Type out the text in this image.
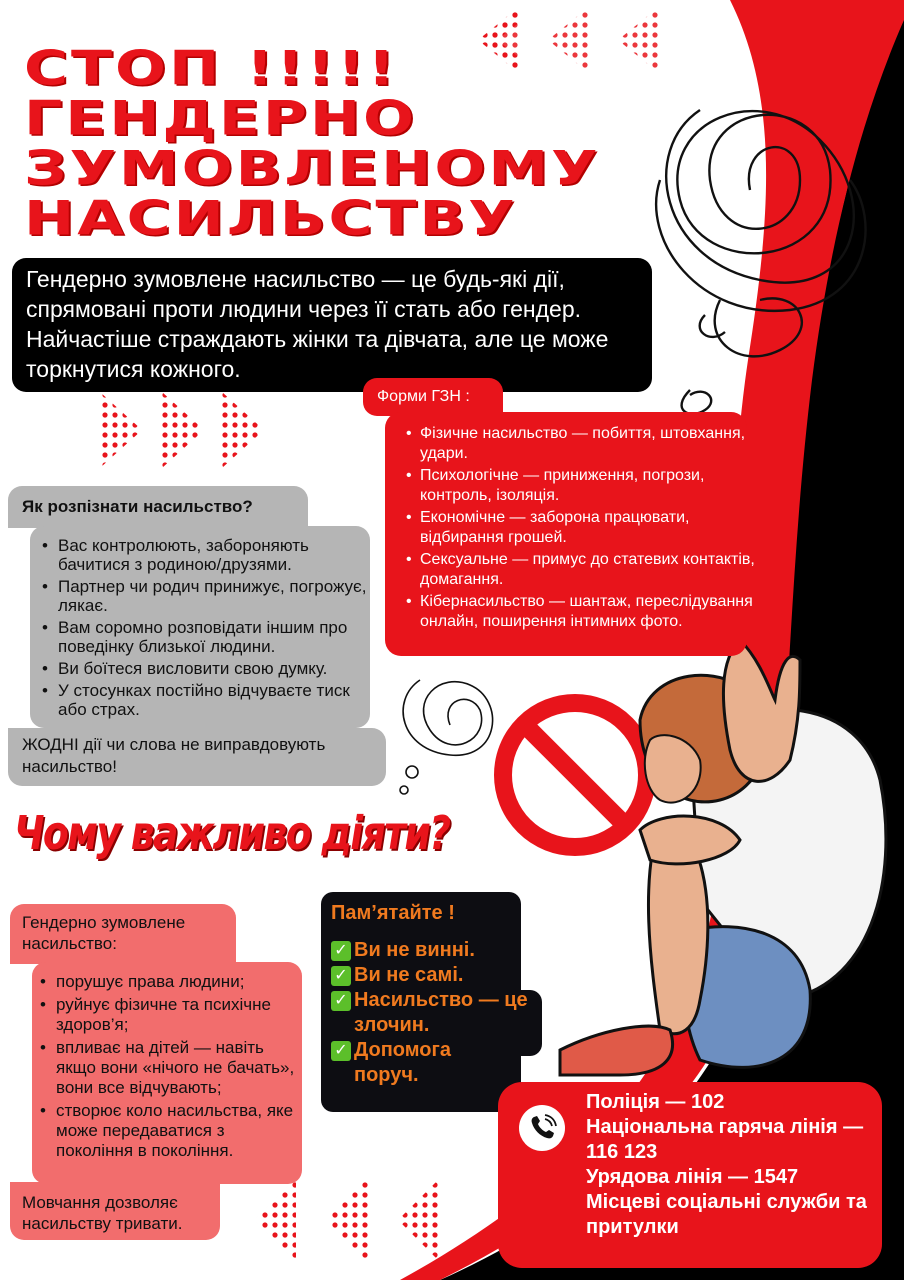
СТОП !!!!!
ГЕНДЕРНО
ЗУМОВЛЕНОМУ
НАСИЛЬСТВУ
Гендерно зумовлене насильство — це будь-які дії, спрямовані проти людини через її стать або гендер. Найчастіше страждають жінки та дівчата, але це може торкнутися кожного.
Форми ГЗН :
• Фізичне насильство — побиття, штовхання, удари.
• Психологічне — приниження, погрози, контроль, ізоляція.
• Економічне — заборона працювати, відбирання грошей.
• Сексуальне — примус до статевих контактів, домагання.
• Кібернасильство — шантаж, переслідування онлайн, поширення інтимних фото.
Як розпізнати насильство?
• Вас контролюють, забороняють бачитися з родиною/друзями.
• Партнер чи родич принижує, погрожує, лякає.
• Вам соромно розповідати іншим про поведінку близької людини.
• Ви боїтеся висловити свою думку.
• У стосунках постійно відчуваєте тиск або страх.
ЖОДНІ дії чи слова не виправдовують насильство!
Чому важливо діяти?
Гендерно зумовлене насильство:
• порушує права людини;
• руйнує фізичне та психічне здоров’я;
• впливає на дітей — навіть якщо вони «нічого не бачать», вони все відчувають;
• створює коло насильства, яке може передаватися з покоління в покоління.
Мовчання дозволяє насильству тривати.
Пам’ятайте !
✓ Ви не винні.
✓ Ви не самі.
✓ Насильство — це злочин.
✓ Допомога поруч.
Поліція — 102
Національна гаряча лінія — 116 123
Урядова лінія — 1547
Місцеві соціальні служби та притулки
